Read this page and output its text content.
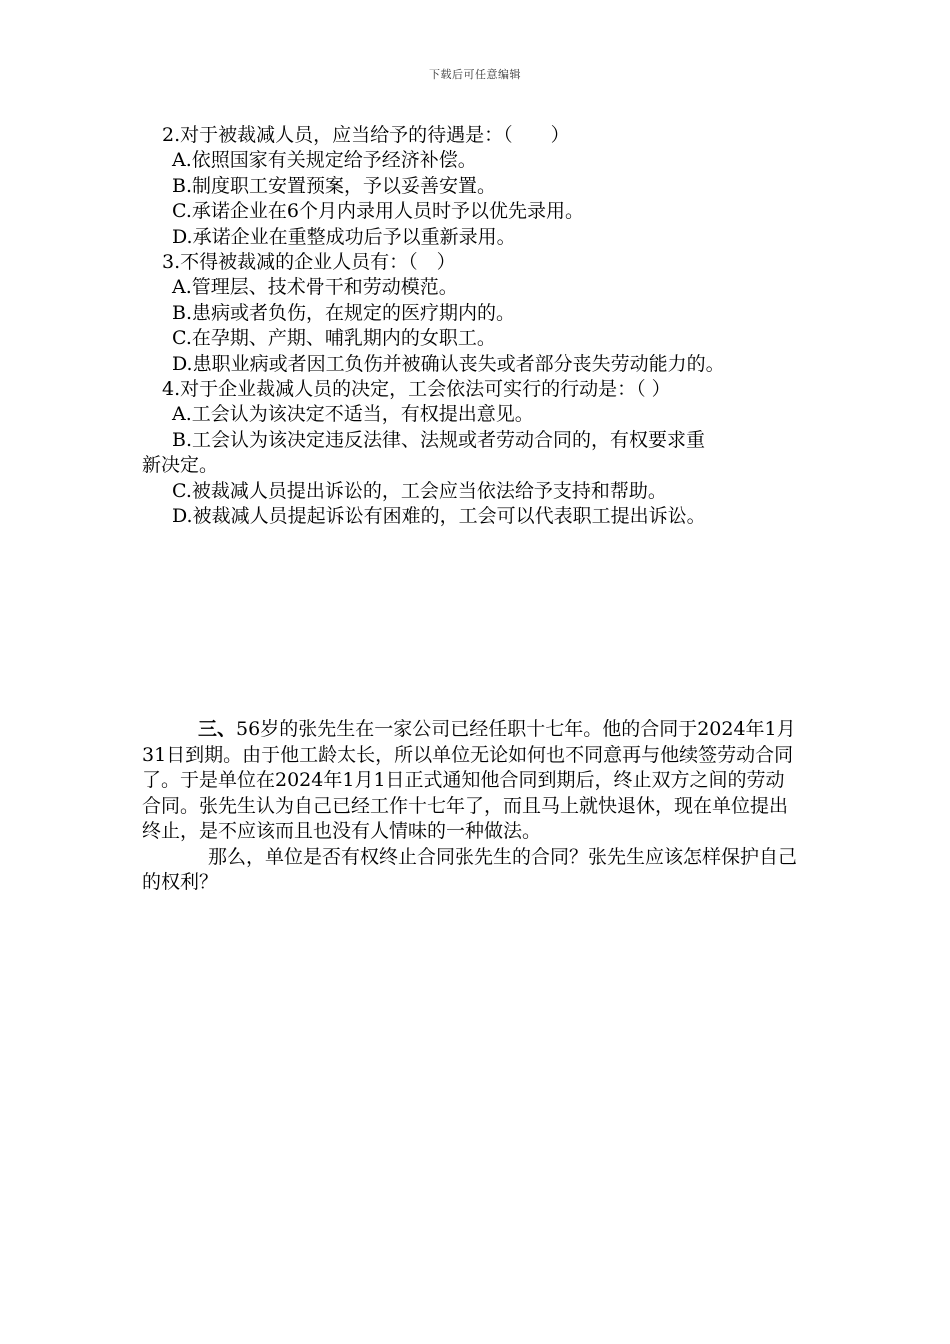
下载后可任意编辑
2.对于被裁减人员，应当给予的待遇是：（　　）
A.依照国家有关规定给予经济补偿。
B.制度职工安置预案，予以妥善安置。
C.承诺企业在6个月内录用人员时予以优先录用。
D.承诺企业在重整成功后予以重新录用。
3.不得被裁减的企业人员有：（　）
A.管理层、技术骨干和劳动模范。
B.患病或者负伤，在规定的医疗期内的。
C.在孕期、产期、哺乳期内的女职工。
D.患职业病或者因工负伤并被确认丧失或者部分丧失劳动能力的。
4.对于企业裁减人员的决定，工会依法可实行的行动是：（ ）
A.工会认为该决定不适当，有权提出意见。
B.工会认为该决定违反法律、法规或者劳动合同的，有权要求重
新决定。
C.被裁减人员提出诉讼的，工会应当依法给予支持和帮助。
D.被裁减人员提起诉讼有困难的，工会可以代表职工提出诉讼。

三、56岁的张先生在一家公司已经任职十七年。他的合同于2024年1月31日到期。由于他工龄太长，所以单位无论如何也不同意再与他续签劳动合同了。于是单位在2024年1月1日正式通知他合同到期后，终止双方之间的劳动合同。张先生认为自己已经工作十七年了，而且马上就快退休，现在单位提出终止，是不应该而且也没有人情味的一种做法。

那么，单位是否有权终止合同张先生的合同？张先生应该怎样保护自己的权利？
